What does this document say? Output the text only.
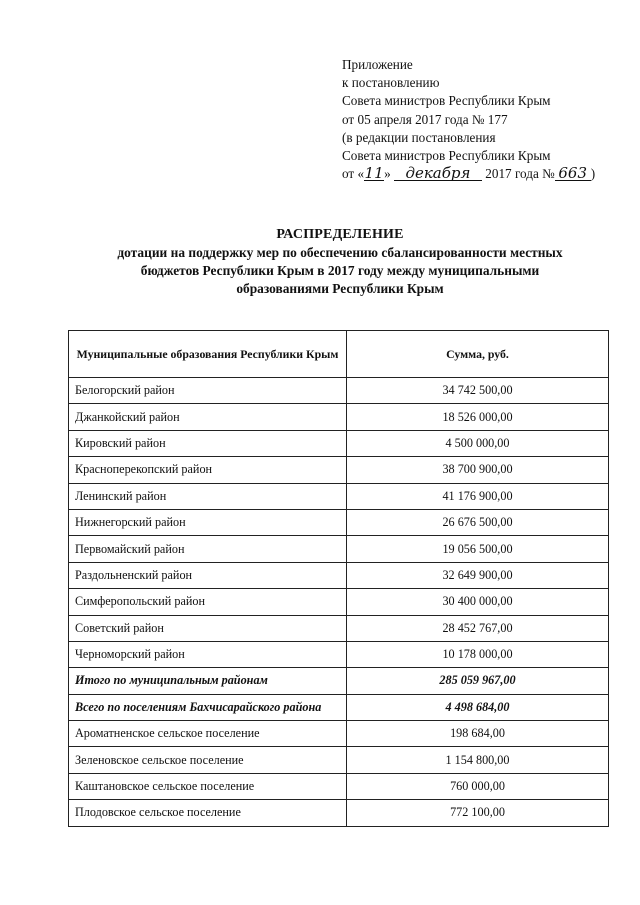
Приложение
к постановлению
Совета министров Республики Крым
от 05 апреля 2017 года № 177
(в редакции постановления
Совета министров Республики Крым
от «11» декабря 2017 года № 663 )
РАСПРЕДЕЛЕНИЕ
дотации на поддержку мер по обеспечению сбалансированности местных
бюджетов Республики Крым в 2017 году между муниципальными
образованиями Республики Крым
Муниципальные образования Республики Крым	Сумма, руб.
Белогорский район	34 742 500,00
Джанкойский район	18 526 000,00
Кировский район	4 500 000,00
Красноперекопский район	38 700 900,00
Ленинский район	41 176 900,00
Нижнегорский район	26 676 500,00
Первомайский район	19 056 500,00
Раздольненский район	32 649 900,00
Симферопольский район	30 400 000,00
Советский район	28 452 767,00
Черноморский район	10 178 000,00
Итого по муниципальным районам	285 059 967,00
Всего по поселениям Бахчисарайского района	4 498 684,00
Ароматненское сельское поселение	198 684,00
Зеленовское сельское поселение	1 154 800,00
Каштановское сельское поселение	760 000,00
Плодовское сельское поселение	772 100,00
